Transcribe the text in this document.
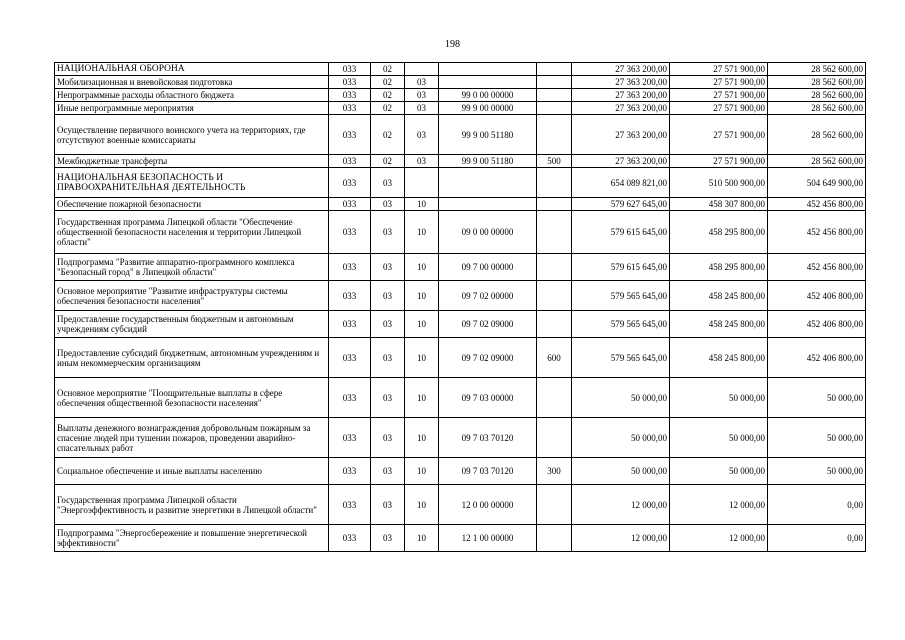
198
НАЦИОНАЛЬНАЯ ОБОРОНА	033	02				27 363 200,00	27 571 900,00	28 562 600,00
Мобилизационная и вневойсковая подготовка	033	02	03			27 363 200,00	27 571 900,00	28 562 600,00
Непрограммные расходы областного бюджета	033	02	03	99 0 00 00000		27 363 200,00	27 571 900,00	28 562 600,00
Иные непрограммные мероприятия	033	02	03	99 9 00 00000		27 363 200,00	27 571 900,00	28 562 600,00
Осуществление первичного воинского учета на территориях, где отсутствуют военные комиссариаты	033	02	03	99 9 00 51180		27 363 200,00	27 571 900,00	28 562 600,00
Межбюджетные трансферты	033	02	03	99 9 00 51180	500	27 363 200,00	27 571 900,00	28 562 600,00
НАЦИОНАЛЬНАЯ БЕЗОПАСНОСТЬ И ПРАВООХРАНИТЕЛЬНАЯ ДЕЯТЕЛЬНОСТЬ	033	03				654 089 821,00	510 500 900,00	504 649 900,00
Обеспечение пожарной безопасности	033	03	10			579 627 645,00	458 307 800,00	452 456 800,00
Государственная программа Липецкой области "Обеспечение общественной безопасности населения и территории Липецкой области"	033	03	10	09 0 00 00000		579 615 645,00	458 295 800,00	452 456 800,00
Подпрограмма "Развитие аппаратно-программного комплекса "Безопасный город" в Липецкой области"	033	03	10	09 7 00 00000		579 615 645,00	458 295 800,00	452 456 800,00
Основное мероприятие "Развитие инфраструктуры системы обеспечения безопасности населения"	033	03	10	09 7 02 00000		579 565 645,00	458 245 800,00	452 406 800,00
Предоставление государственным бюджетным и автономным учреждениям субсидий	033	03	10	09 7 02 09000		579 565 645,00	458 245 800,00	452 406 800,00
Предоставление субсидий бюджетным, автономным учреждениям и иным некоммерческим организациям	033	03	10	09 7 02 09000	600	579 565 645,00	458 245 800,00	452 406 800,00
Основное мероприятие "Поощрительные выплаты в сфере обеспечения общественной безопасности населения"	033	03	10	09 7 03 00000		50 000,00	50 000,00	50 000,00
Выплаты денежного вознаграждения добровольным пожарным за спасение людей при тушении пожаров, проведении аварийно-спасательных работ	033	03	10	09 7 03 70120		50 000,00	50 000,00	50 000,00
Социальное обеспечение и иные выплаты населению	033	03	10	09 7 03 70120	300	50 000,00	50 000,00	50 000,00
Государственная программа Липецкой области "Энергоэффективность и развитие энергетики в Липецкой области"	033	03	10	12 0 00 00000		12 000,00	12 000,00	0,00
Подпрограмма "Энергосбережение и повышение энергетической эффективности"	033	03	10	12 1 00 00000		12 000,00	12 000,00	0,00
